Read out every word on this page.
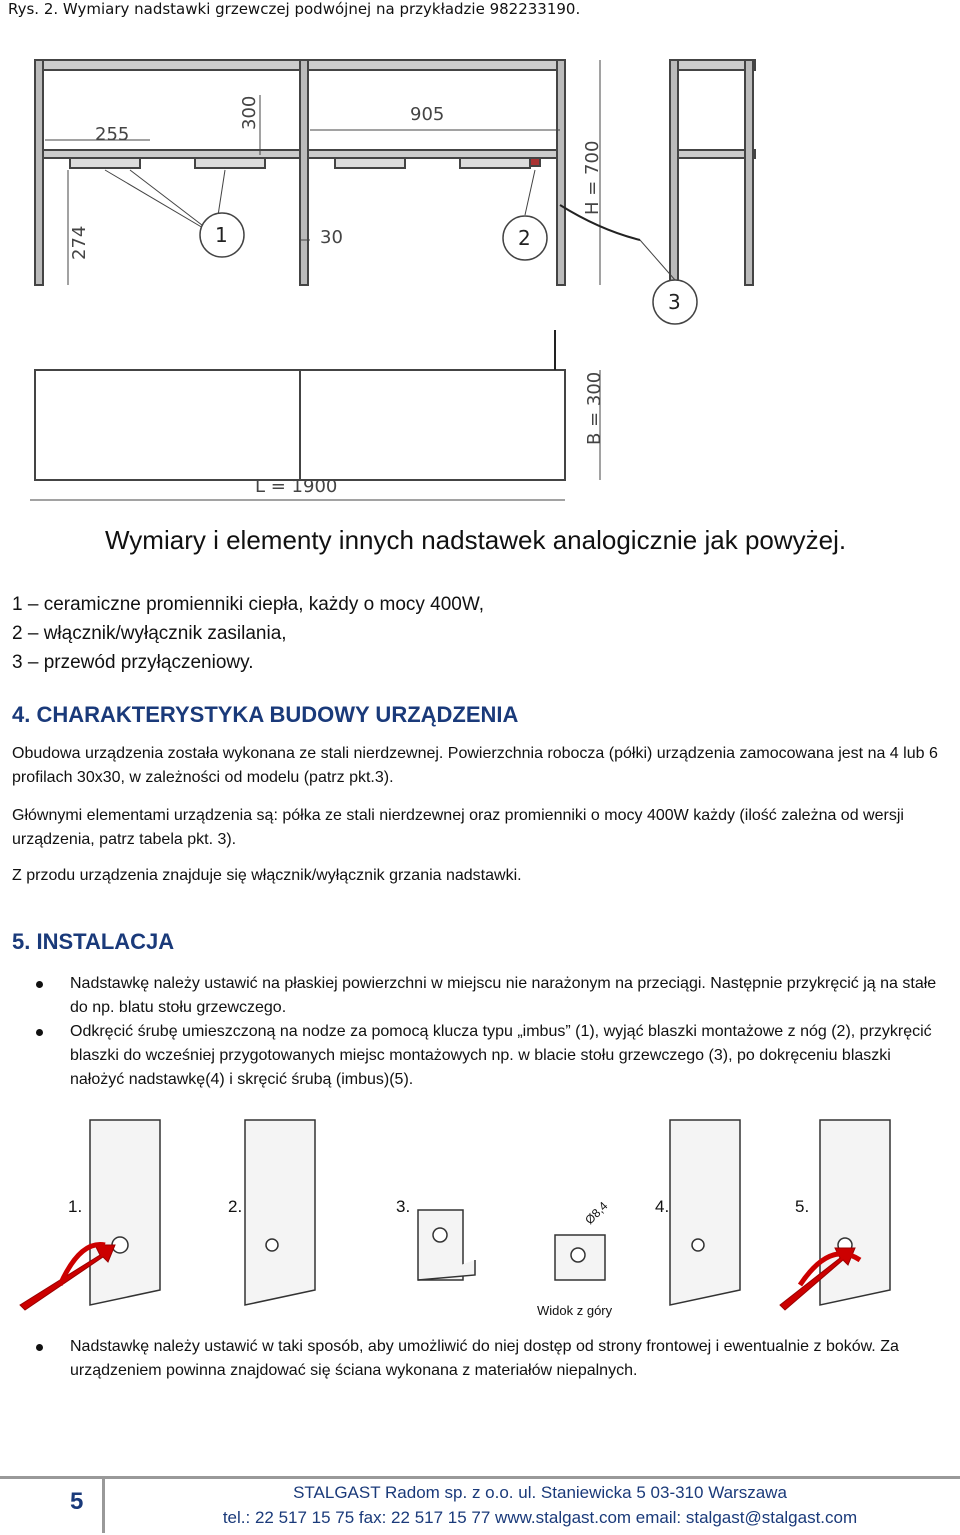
Rys. 2. Wymiary nadstawki grzewczej podwójnej na przykładzie 982233190.
255
300	905
H = 700
274	30
B = 300
L = 1900
1	2
3
Wymiary i elementy innych nadstawek analogicznie jak powyżej.
1 – ceramiczne promienniki ciepła, każdy o mocy 400W,
2 – włącznik/wyłącznik zasilania,
3 – przewód przyłączeniowy.
4. CHARAKTERYSTYKA BUDOWY URZĄDZENIA
Obudowa urządzenia została wykonana ze stali nierdzewnej. Powierzchnia robocza (półki) urządzenia zamocowana jest na 4 lub 6 profilach 30x30, w zależności od modelu (patrz pkt.3).
Głównymi elementami urządzenia są: półka ze stali nierdzewnej oraz promienniki o mocy 400W każdy (ilość zależna od wersji urządzenia, patrz tabela pkt. 3).
Z przodu urządzenia znajduje się włącznik/wyłącznik grzania nadstawki.
5. INSTALACJA
Nadstawkę należy ustawić na płaskiej powierzchni w miejscu nie narażonym na przeciągi. Następnie przykręcić ją na stałe do np. blatu stołu grzewczego.
Odkręcić śrubę umieszczoną na nodze za pomocą klucza typu „imbus” (1), wyjąć blaszki montażowe z nóg (2), przykręcić blaszki do wcześniej przygotowanych miejsc montażowych np. w blacie stołu grzewczego (3), po dokręceniu blaszki nałożyć nadstawkę(4) i skręcić śrubą (imbus)(5).
1.	2.	3.	4.	5.
Ø8,4
Widok z góry
Nadstawkę należy ustawić w taki sposób, aby umożliwić do niej dostęp od strony frontowej i ewentualnie z boków. Za urządzeniem powinna znajdować się ściana wykonana z materiałów niepalnych.
5	STALGAST Radom sp. z o.o. ul. Staniewicka 5 03-310 Warszawa
tel.: 22 517 15 75 fax: 22 517 15 77 www.stalgast.com email: stalgast@stalgast.com
